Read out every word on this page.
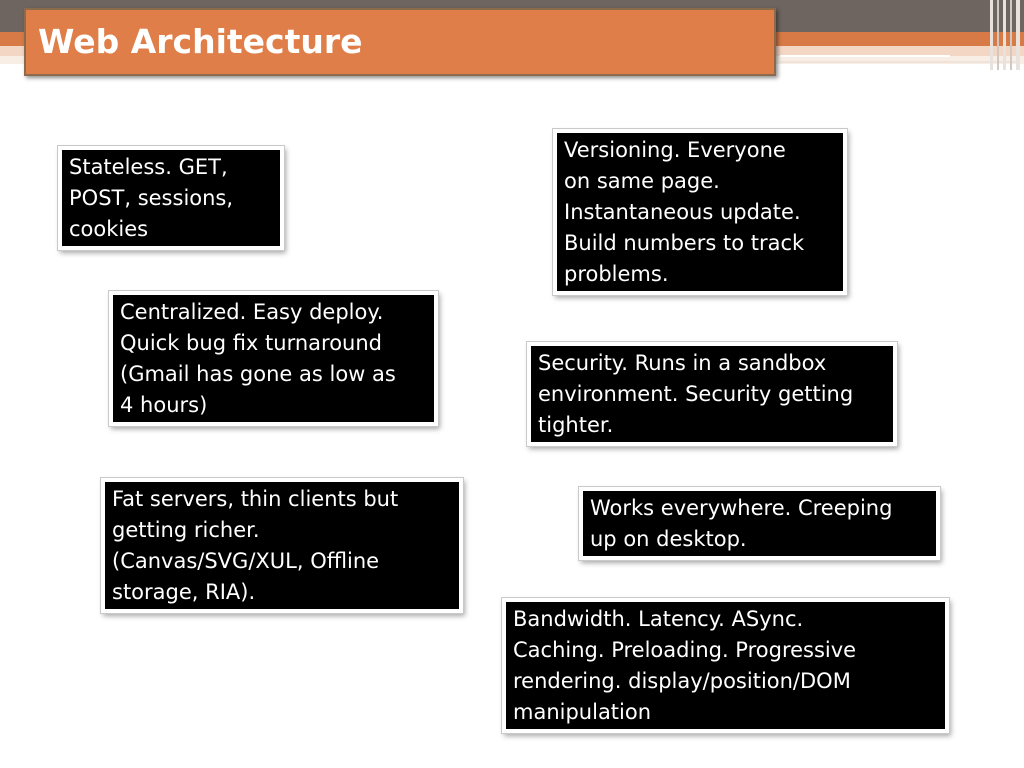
Web Architecture
Stateless. GET,
POST, sessions,
cookies
Versioning. Everyone
on same page.
Instantaneous update.
Build numbers to track
problems.
Centralized. Easy deploy.
Quick bug fix turnaround
(Gmail has gone as low as
4 hours)
Security. Runs in a sandbox
environment. Security getting
tighter.
Fat servers, thin clients but
getting richer.
(Canvas/SVG/XUL, Offline
storage, RIA).
Works everywhere. Creeping
up on desktop.
Bandwidth. Latency. ASync.
Caching. Preloading. Progressive
rendering. display/position/DOM
manipulation
